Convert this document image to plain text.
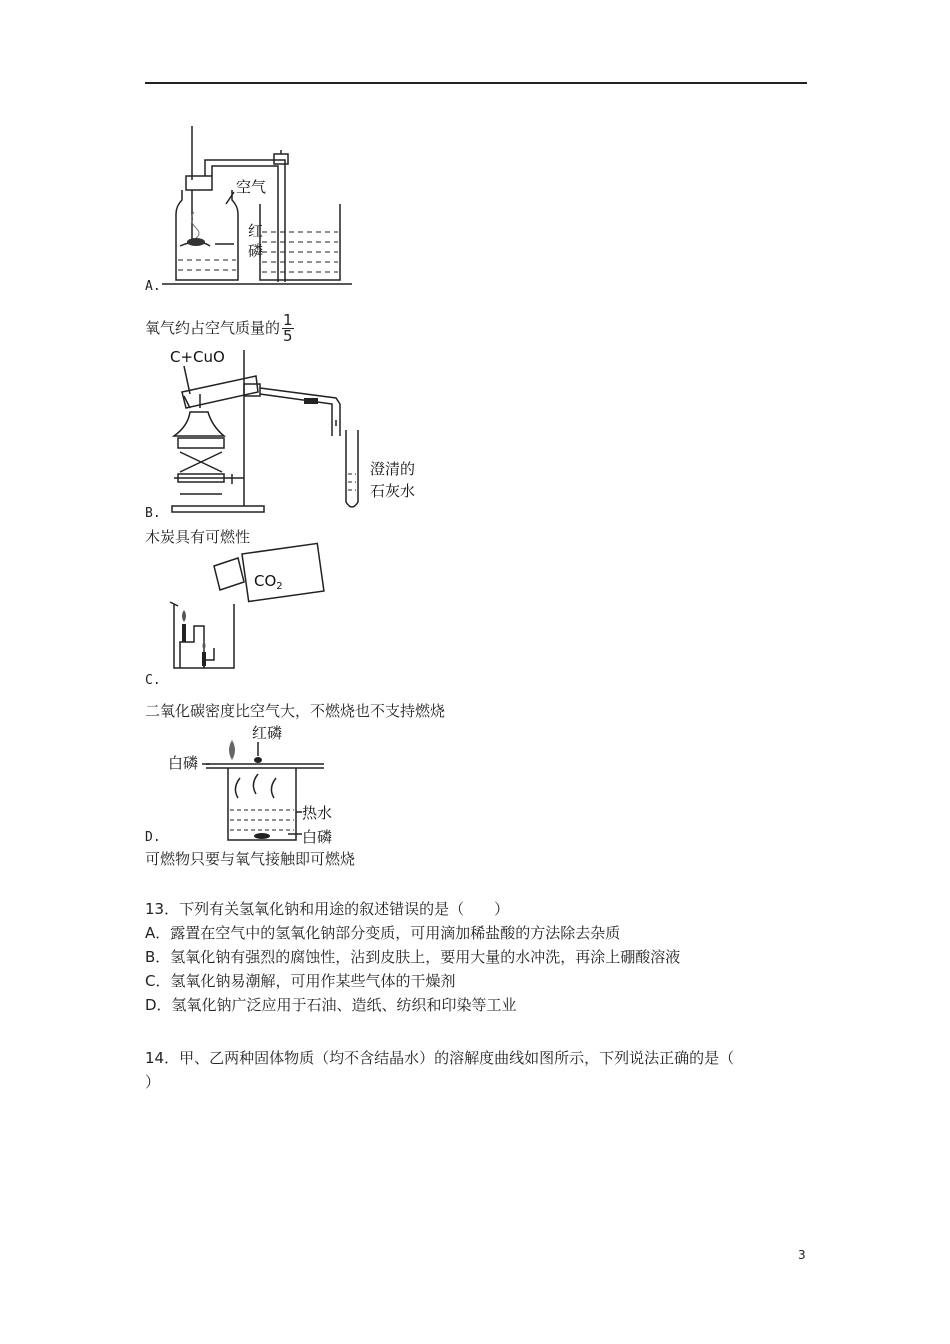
空气
红
磷
A.
氧气约占空气质量的 $\frac{1}{5}$
C+CuO
澄清的
石灰水
B.
木炭具有可燃性
$CO_2$
C.
二氧化碳密度比空气大，不燃烧也不支持燃烧
红磷
白磷
热水
白磷
D.
可燃物只要与氧气接触即可燃烧
13．下列有关氢氧化钠和用途的叙述错误的是（　　）
A．露置在空气中的氢氧化钠部分变质，可用滴加稀盐酸的方法除去杂质
B．氢氧化钠有强烈的腐蚀性，沾到皮肤上，要用大量的水冲洗，再涂上硼酸溶液
C．氢氧化钠易潮解，可用作某些气体的干燥剂
D．氢氧化钠广泛应用于石油、造纸、纺织和印染等工业
14．甲、乙两种固体物质（均不含结晶水）的溶解度曲线如图所示，下列说法正确的是（
）
3
